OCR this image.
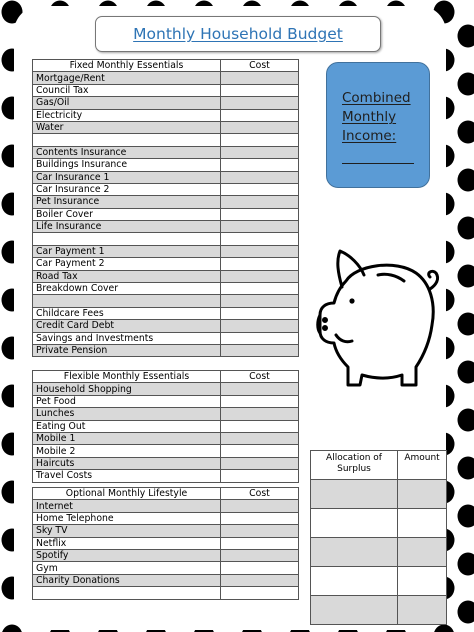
Monthly Household Budget
Fixed Monthly Essentials	Cost
Mortgage/Rent	
Council Tax	
Gas/Oil	
Electricity	
Water	

Contents Insurance	
Buildings Insurance	
Car Insurance 1	
Car Insurance 2	
Pet Insurance	
Boiler Cover	
Life Insurance	

Car Payment 1	
Car Payment 2	
Road Tax	
Breakdown Cover	

Childcare Fees	
Credit Card Debt	
Savings and Investments	
Private Pension	
Flexible Monthly Essentials	Cost
Household Shopping	
Pet Food	
Lunches	
Eating Out	
Mobile 1	
Mobile 2	
Haircuts	
Travel Costs	
Optional Monthly Lifestyle	Cost
Internet	
Home Telephone	
Sky TV	
Netflix	
Spotify	
Gym	
Charity Donations	

Combined
Monthly
Income:
Allocation of Surplus	Amount
